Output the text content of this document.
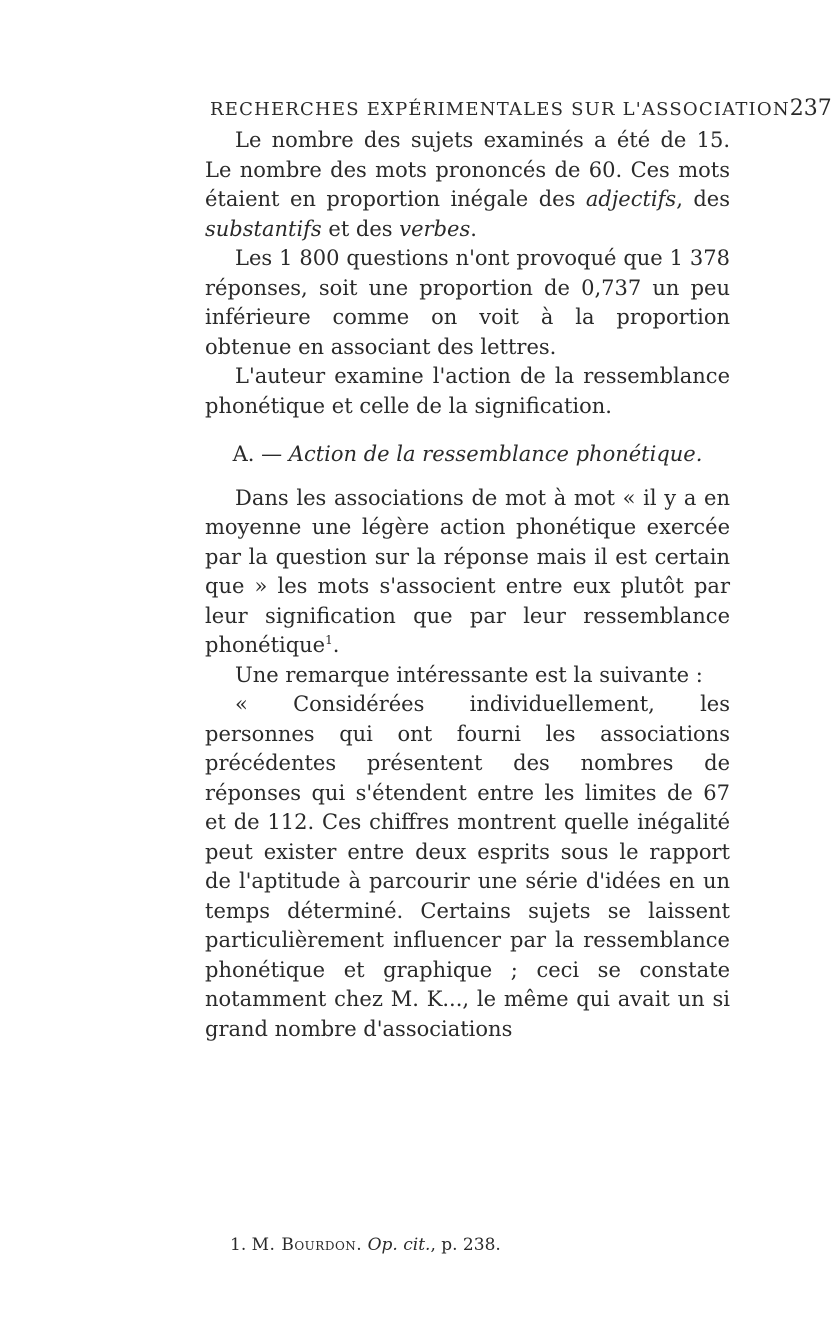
RECHERCHES EXPÉRIMENTALES SUR L'ASSOCIATION 237

Le nombre des sujets examinés a été de 15. Le nombre des mots prononcés de 60. Ces mots étaient en proportion inégale des adjectifs, des substantifs et des verbes.

Les 1 800 questions n'ont provoqué que 1 378 réponses, soit une proportion de 0,737 un peu inférieure comme on voit à la proportion obtenue en associant des lettres.

L'auteur examine l'action de la ressemblance phonétique et celle de la signification.

A. — Action de la ressemblance phonétique.

Dans les associations de mot à mot « il y a en moyenne une légère action phonétique exercée par la question sur la réponse mais il est certain que » les mots s'associent entre eux plutôt par leur signification que par leur ressemblance phonétique$^1$.

Une remarque intéressante est la suivante :

« Considérées individuellement, les personnes qui ont fourni les associations précédentes présentent des nombres de réponses qui s'étendent entre les limites de 67 et de 112. Ces chiffres montrent quelle inégalité peut exister entre deux esprits sous le rapport de l'aptitude à parcourir une série d'idées en un temps déterminé. Certains sujets se laissent particulièrement influencer par la ressemblance phonétique et graphique ; ceci se constate notamment chez M. K..., le même qui avait un si grand nombre d'associations

1. M. Bourdon. Op. cit., p. 238.
